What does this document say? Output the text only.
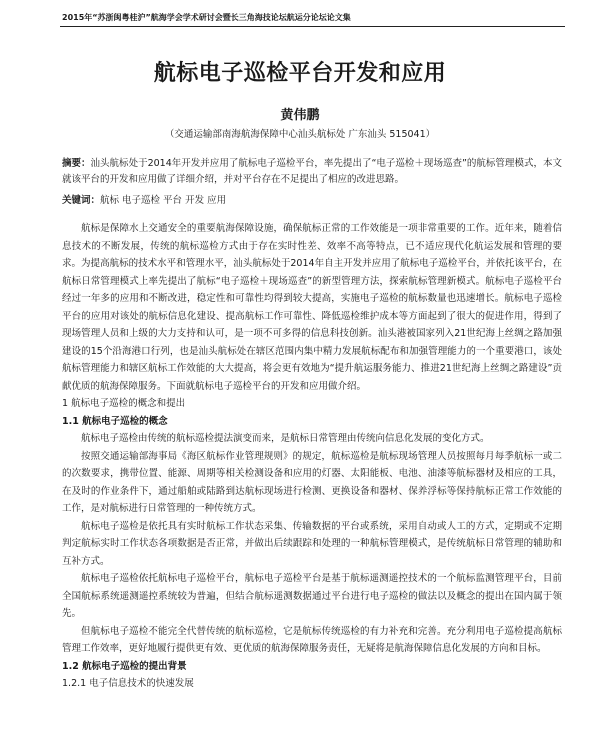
2015年“苏浙闽粤桂沪”航海学会学术研讨会暨长三角海技论坛航运分论坛论文集
航标电子巡检平台开发和应用
黄伟鹏
（交通运输部南海航海保障中心汕头航标处 广东汕头 515041）
摘要：汕头航标处于2014年开发并应用了航标电子巡检平台，率先提出了“电子巡检＋现场巡查”的航标管理模式，本文就该平台的开发和应用做了详细介绍，并对平台存在不足提出了相应的改进思路。
关键词：航标 电子巡检 平台 开发 应用

航标是保障水上交通安全的重要航海保障设施，确保航标正常的工作效能是一项非常重要的工作。近年来，随着信息技术的不断发展，传统的航标巡检方式由于存在实时性差、效率不高等特点，已不适应现代化航运发展和管理的要求。为提高航标的技术水平和管理水平，汕头航标处于2014年自主开发并应用了航标电子巡检平台，并依托该平台，在航标日常管理模式上率先提出了航标“电子巡检＋现场巡查”的新型管理方法，探索航标管理新模式。航标电子巡检平台经过一年多的应用和不断改进，稳定性和可靠性均得到较大提高，实施电子巡检的航标数量也迅速增长。航标电子巡检平台的应用对该处的航标信息化建设、提高航标工作可靠性、降低巡检维护成本等方面起到了很大的促进作用，得到了现场管理人员和上级的大力支持和认可，是一项不可多得的信息科技创新。汕头港被国家列入21世纪海上丝绸之路加强建设的15个沿海港口行列，也是汕头航标处在辖区范围内集中精力发展航标配布和加强管理能力的一个重要港口，该处航标管理能力和辖区航标工作效能的大大提高，将会更有效地为“提升航运服务能力、推进21世纪海上丝绸之路建设”贡献优质的航海保障服务。下面就航标电子巡检平台的开发和应用做介绍。

1 航标电子巡检的概念和提出
1.1 航标电子巡检的概念

航标电子巡检由传统的航标巡检提法演变而来，是航标日常管理由传统向信息化发展的变化方式。

按照交通运输部海事局《海区航标作业管理规则》的规定，航标巡检是航标现场管理人员按照每月每季航标一或二的次数要求，携带位置、能源、周期等相关检测设备和应用的灯器、太阳能板、电池、油漆等航标器材及相应的工具，在及时的作业条件下，通过船舶或陆路到达航标现场进行检测、更换设备和器材、保养浮标等保持航标正常工作效能的工作，是对航标进行日常管理的一种传统方式。

航标电子巡检是依托具有实时航标工作状态采集、传输数据的平台或系统，采用自动或人工的方式，定期或不定期判定航标实时工作状态各项数据是否正常，并做出后续跟踪和处理的一种航标管理模式，是传统航标日常管理的辅助和互补方式。

航标电子巡检依托航标电子巡检平台，航标电子巡检平台是基于航标遥测遥控技术的一个航标监测管理平台，目前全国航标系统遥测遥控系统较为普遍，但结合航标遥测数据通过平台进行电子巡检的做法以及概念的提出在国内属于领先。

但航标电子巡检不能完全代替传统的航标巡检，它是航标传统巡检的有力补充和完善。充分利用电子巡检提高航标管理工作效率，更好地履行提供更有效、更优质的航海保障服务责任，无疑将是航海保障信息化发展的方向和目标。

1.2 航标电子巡检的提出背景
1.2.1 电子信息技术的快速发展
